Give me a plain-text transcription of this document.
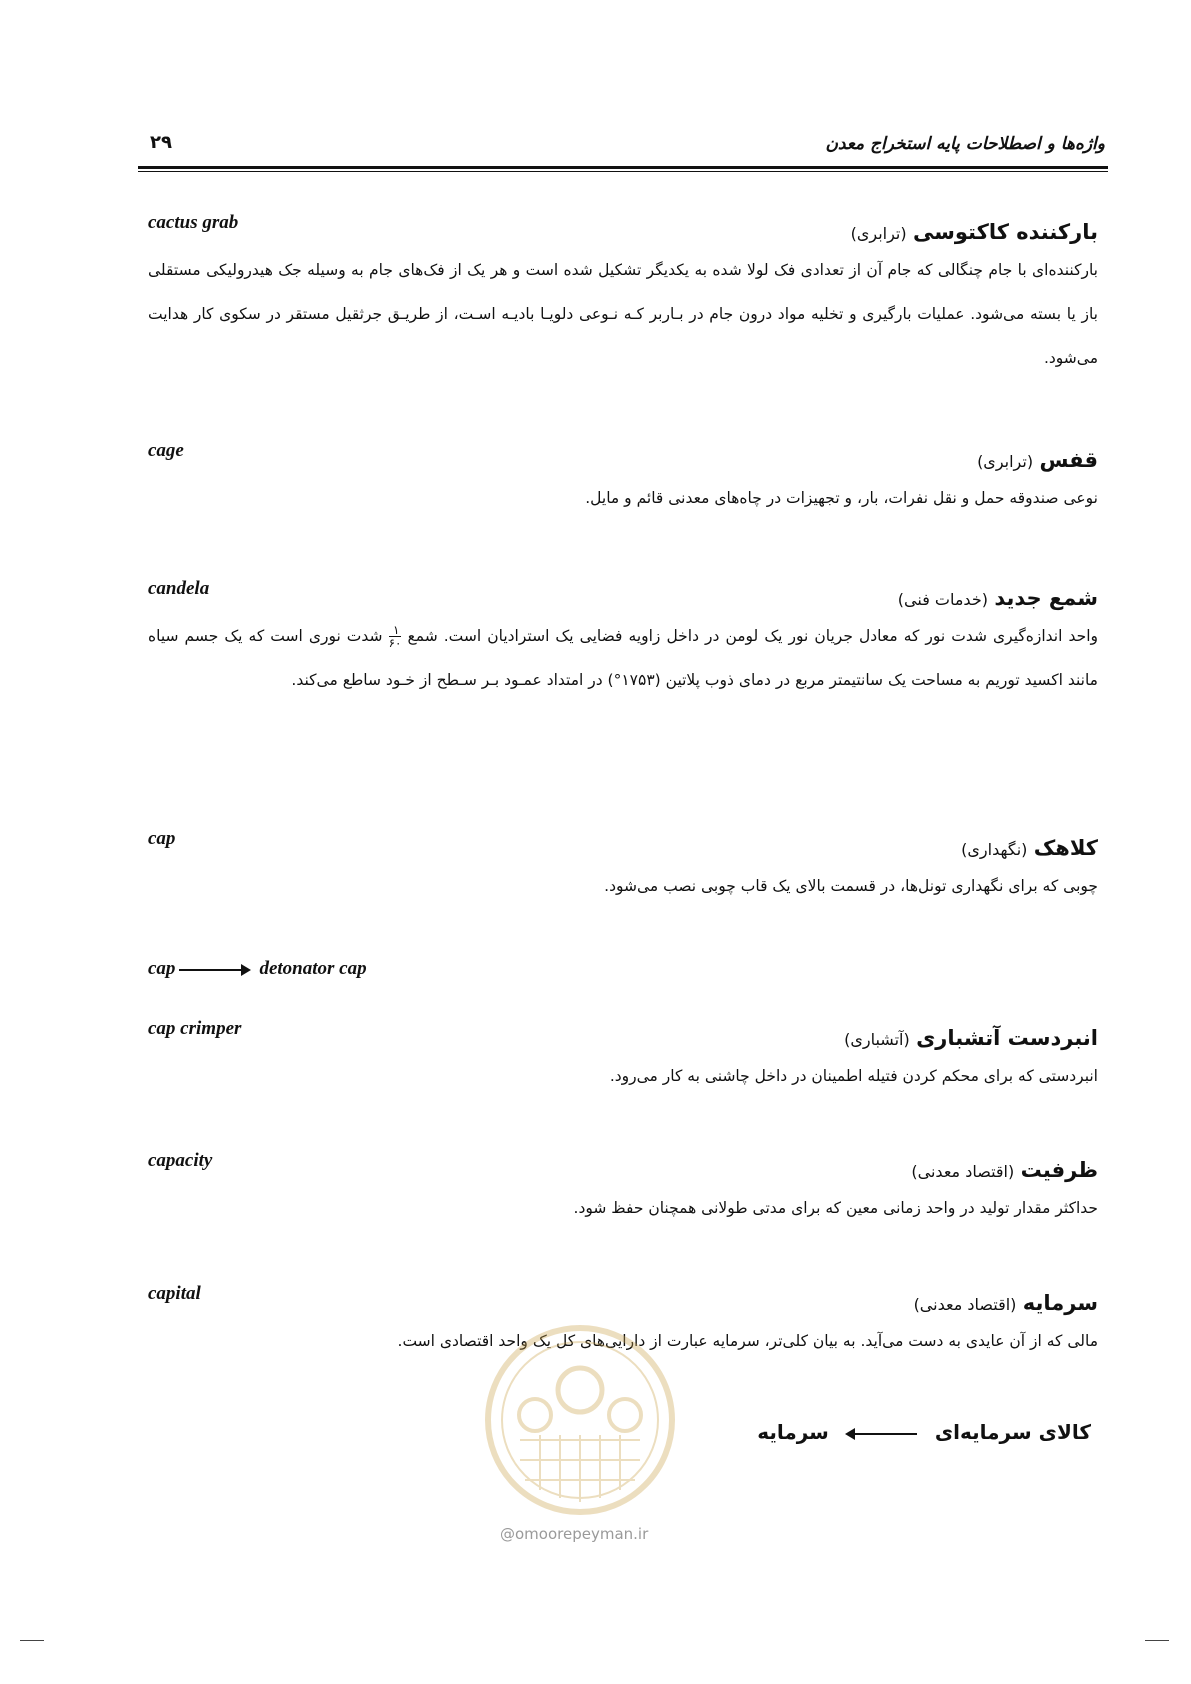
واژه‌ها و اصطلاحات پایه استخراج معدن
۲۹
cactus grab	بارکننده کاکتوسی (ترابری)
بارکننده‌ای با جام چنگالی که جام آن از تعدادی فک لولا شده به یکدیگر تشکیل شده است و هر یک از فک‌های جام به وسیله جک هیدرولیکی مستقلی باز یا بسته می‌شود. عملیات بارگیری و تخلیه مواد درون جام در بـاربر کـه نـوعی دلویـا بادیـه اسـت، از طریـق جرثقیل مستقر در سکوی کار هدایت می‌شود.
cage	قفس (ترابری)
نوعی صندوقه حمل و نقل نفرات، بار، و تجهیزات در چاه‌های معدنی قائم و مایل.
candela	شمع جدید (خدمات فنی)
واحد اندازه‌گیری شدت نور که معادل جریان نور یک لومن در داخل زاویه فضایی یک استرادیان است. شمع
$\frac{۱}{۶۰}$
شدت نوری است که یک جسم سیاه مانند اکسید توریم به مساحت یک سانتیمتر مربع در دمای ذوب پلاتین (۱۷۵۳°) در امتداد عمـود بـر سـطح از خـود ساطع می‌کند.
cap	کلاهک (نگهداری)
چوبی که برای نگهداری تونل‌ها، در قسمت بالای یک قاب چوبی نصب می‌شود.
cap	detonator cap
cap crimper	انبردست آتشباری (آتشباری)
انبردستی که برای محکم کردن فتیله اطمینان در داخل چاشنی به کار می‌رود.
capacity	ظرفیت (اقتصاد معدنی)
حداکثر مقدار تولید در واحد زمانی معین که برای مدتی طولانی همچنان حفظ شود.
capital	سرمایه (اقتصاد معدنی)
مالی که از آن عایدی به دست می‌آید. به بیان کلی‌تر، سرمایه عبارت از دارایی‌های کل یک واحد اقتصادی است.
کالای سرمایه‌ایسرمایه
@omoorepeyman.ir
